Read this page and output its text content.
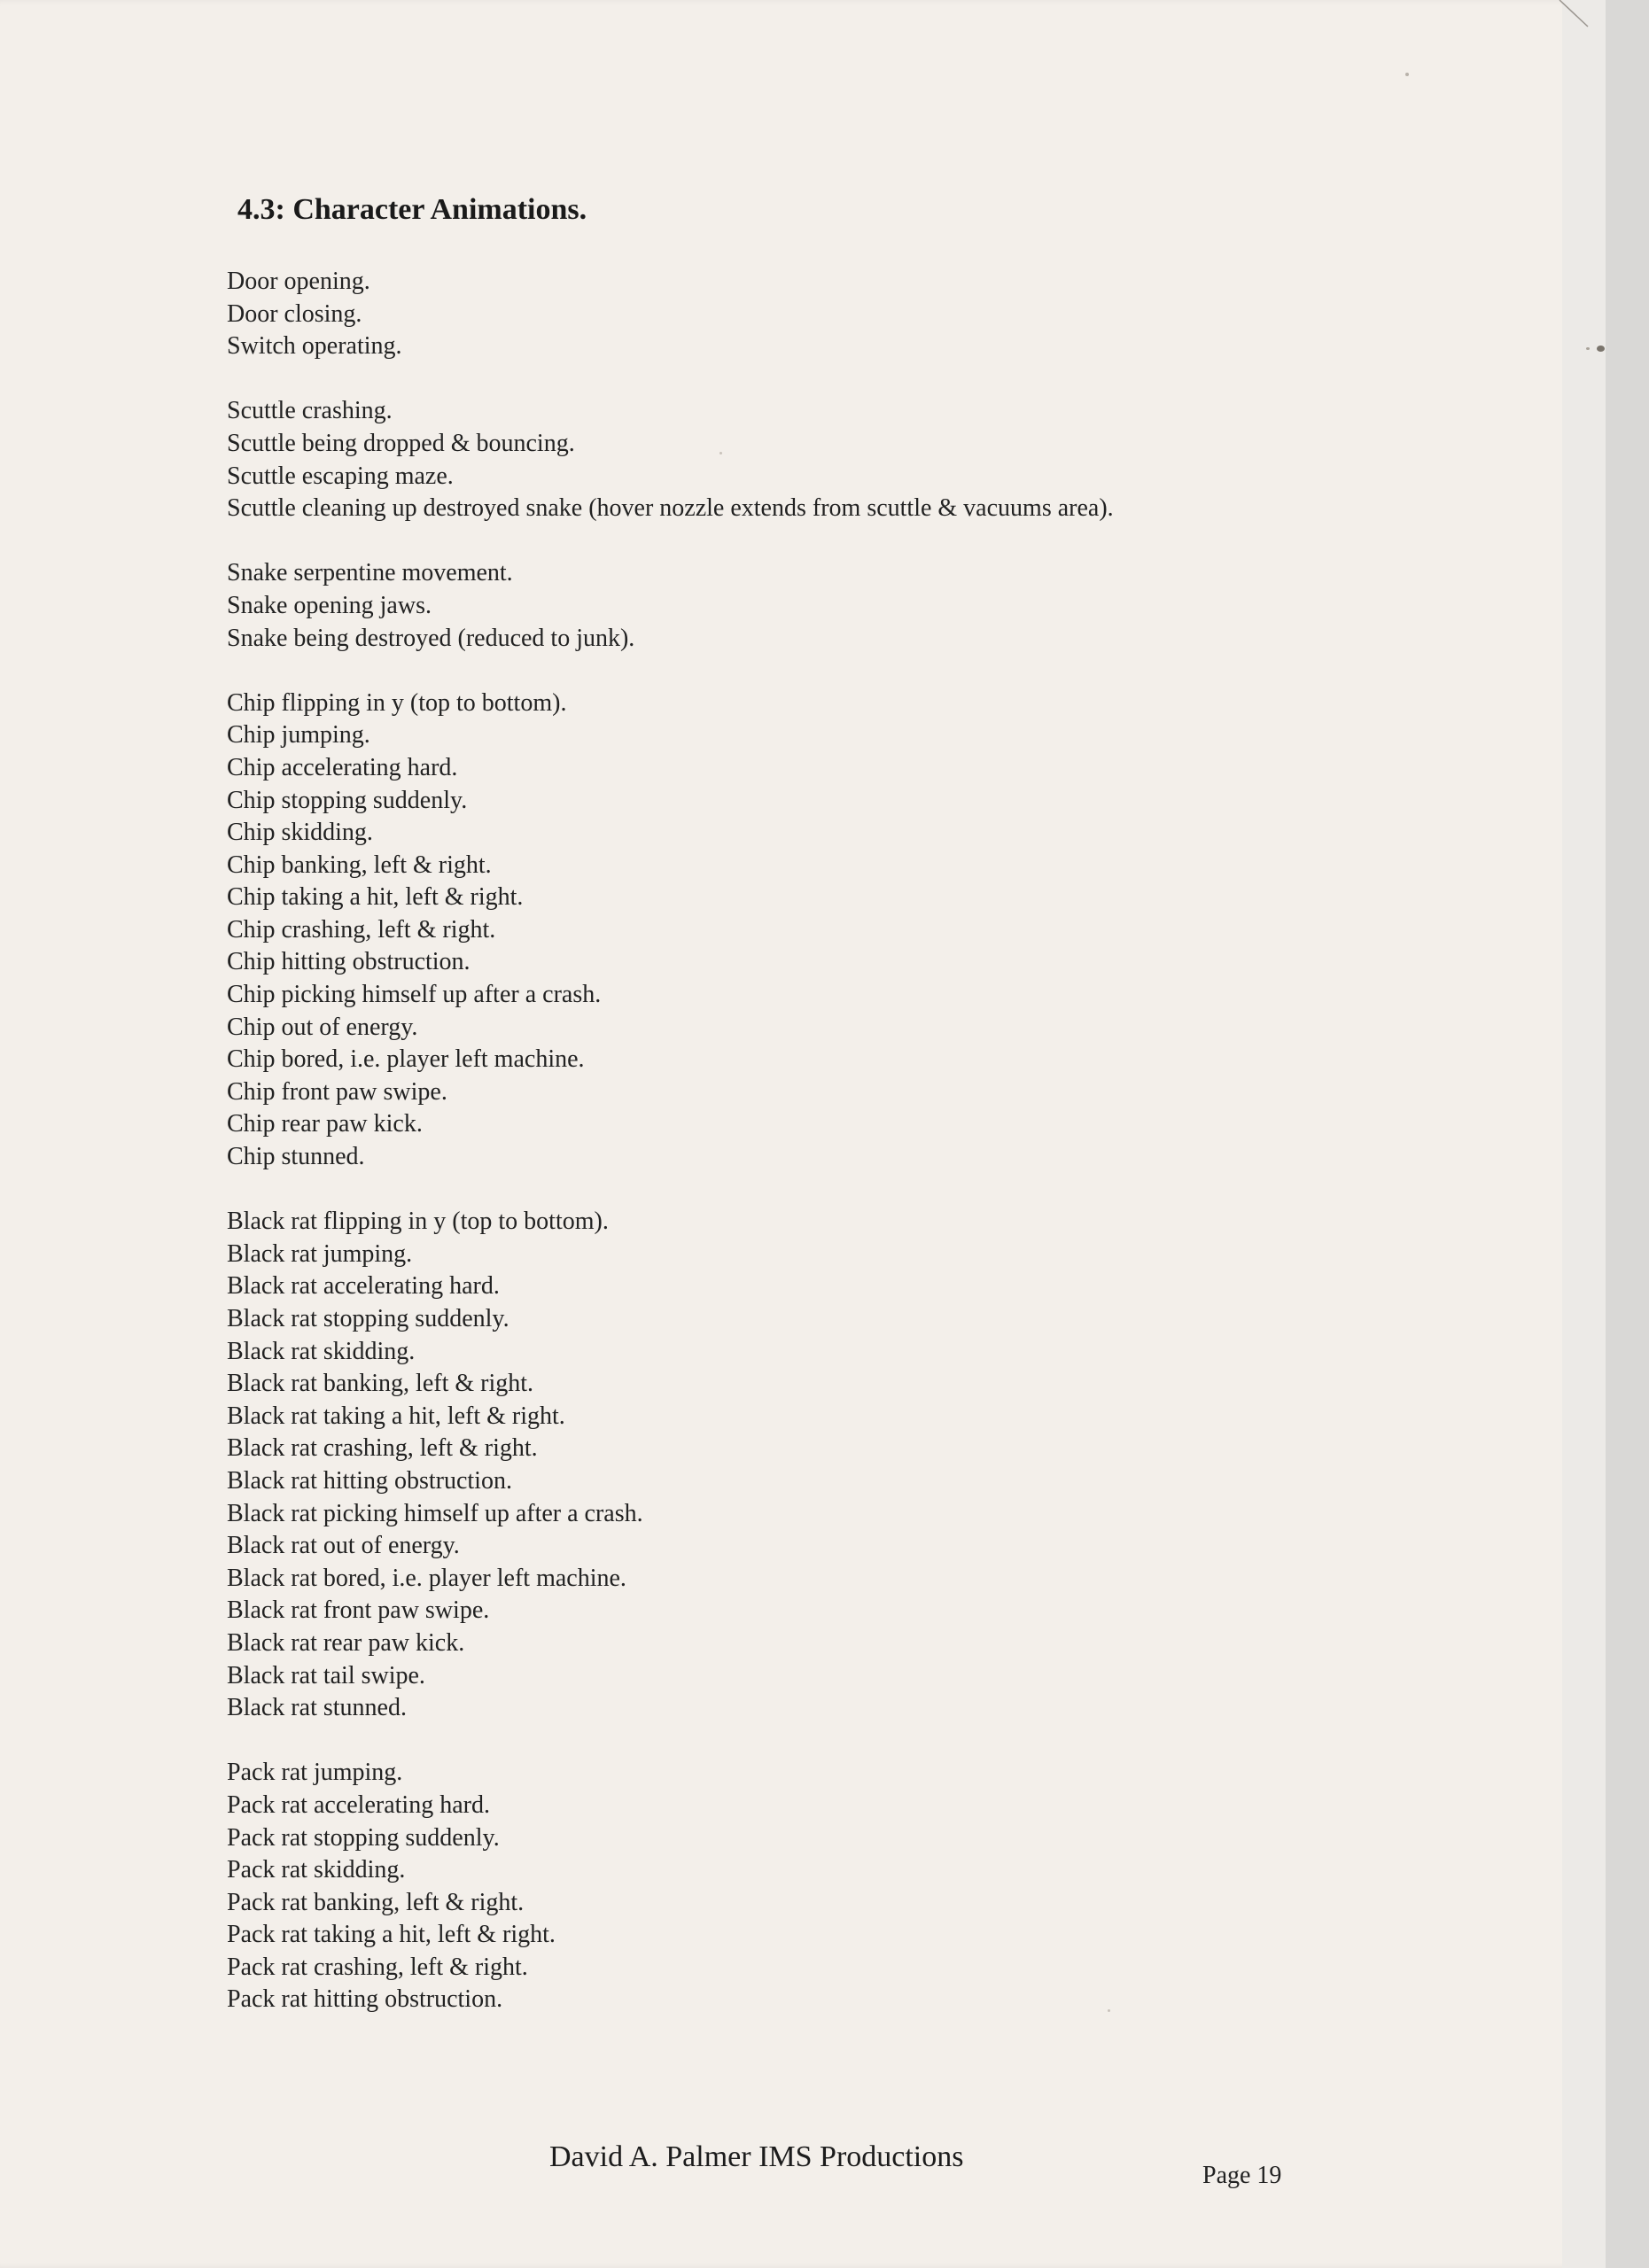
4.3: Character Animations.
Door opening.
Door closing.
Switch operating.
Scuttle crashing.
Scuttle being dropped & bouncing.
Scuttle escaping maze.
Scuttle cleaning up destroyed snake (hover nozzle extends from scuttle & vacuums area).
Snake serpentine movement.
Snake opening jaws.
Snake being destroyed (reduced to junk).
Chip flipping in y (top to bottom).
Chip jumping.
Chip accelerating hard.
Chip stopping suddenly.
Chip skidding.
Chip banking, left & right.
Chip taking a hit, left & right.
Chip crashing, left & right.
Chip hitting obstruction.
Chip picking himself up after a crash.
Chip out of energy.
Chip bored, i.e. player left machine.
Chip front paw swipe.
Chip rear paw kick.
Chip stunned.
Black rat flipping in y (top to bottom).
Black rat jumping.
Black rat accelerating hard.
Black rat stopping suddenly.
Black rat skidding.
Black rat banking, left & right.
Black rat taking a hit, left & right.
Black rat crashing, left & right.
Black rat hitting obstruction.
Black rat picking himself up after a crash.
Black rat out of energy.
Black rat bored, i.e. player left machine.
Black rat front paw swipe.
Black rat rear paw kick.
Black rat tail swipe.
Black rat stunned.
Pack rat jumping.
Pack rat accelerating hard.
Pack rat stopping suddenly.
Pack rat skidding.
Pack rat banking, left & right.
Pack rat taking a hit, left & right.
Pack rat crashing, left & right.
Pack rat hitting obstruction.
David A. Palmer IMS Productions
Page 19
